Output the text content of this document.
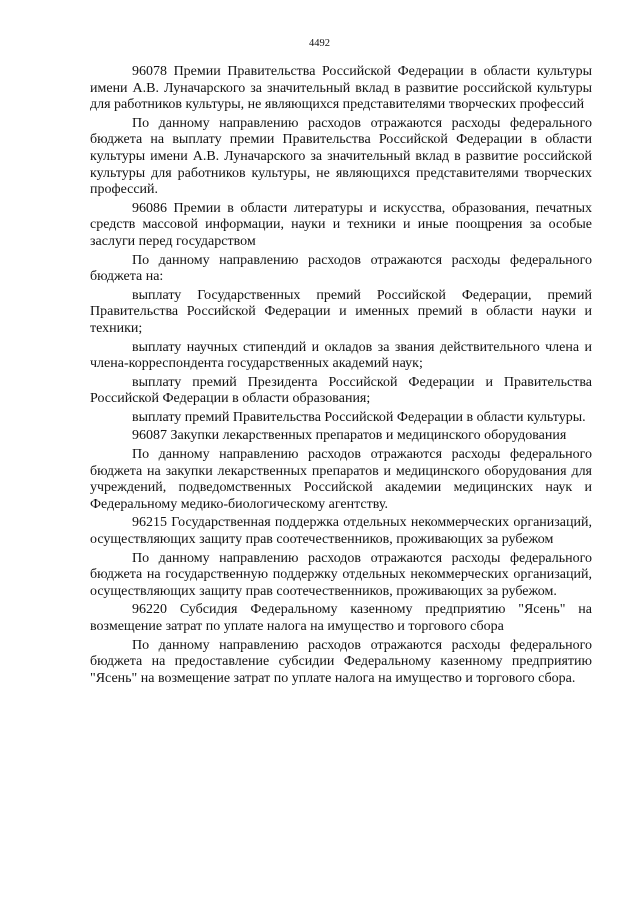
4492

96078 Премии Правительства Российской Федерации в области культуры имени А.В. Луначарского за значительный вклад в развитие российской культуры для работников культуры, не являющихся представителями творческих профессий

По данному направлению расходов отражаются расходы федерального бюджета на выплату премии Правительства Российской Федерации в области культуры имени А.В. Луначарского за значительный вклад в развитие российской культуры для работников культуры, не являющихся представителями творческих профессий.

96086 Премии в области литературы и искусства, образования, печатных средств массовой информации, науки и техники и иные поощрения за особые заслуги перед государством

По данному направлению расходов отражаются расходы федерального бюджета на:

выплату Государственных премий Российской Федерации, премий Правительства Российской Федерации и именных премий в области науки и техники;

выплату научных стипендий и окладов за звания действительного члена и члена-корреспондента государственных академий наук;

выплату премий Президента Российской Федерации и Правительства Российской Федерации в области образования;

выплату премий Правительства Российской Федерации в области культуры.

96087 Закупки лекарственных препаратов и медицинского оборудования

По данному направлению расходов отражаются расходы федерального бюджета на закупки лекарственных препаратов и медицинского оборудования для учреждений, подведомственных Российской академии медицинских наук и Федеральному медико-биологическому агентству.

96215 Государственная поддержка отдельных некоммерческих организаций, осуществляющих защиту прав соотечественников, проживающих за рубежом

По данному направлению расходов отражаются расходы федерального бюджета на государственную поддержку отдельных некоммерческих организаций, осуществляющих защиту прав соотечественников, проживающих за рубежом.

96220 Субсидия Федеральному казенному предприятию "Ясень" на возмещение затрат по уплате налога на имущество и торгового сбора

По данному направлению расходов отражаются расходы федерального бюджета на предоставление субсидии Федеральному казенному предприятию "Ясень" на возмещение затрат по уплате налога на имущество и торгового сбора.
